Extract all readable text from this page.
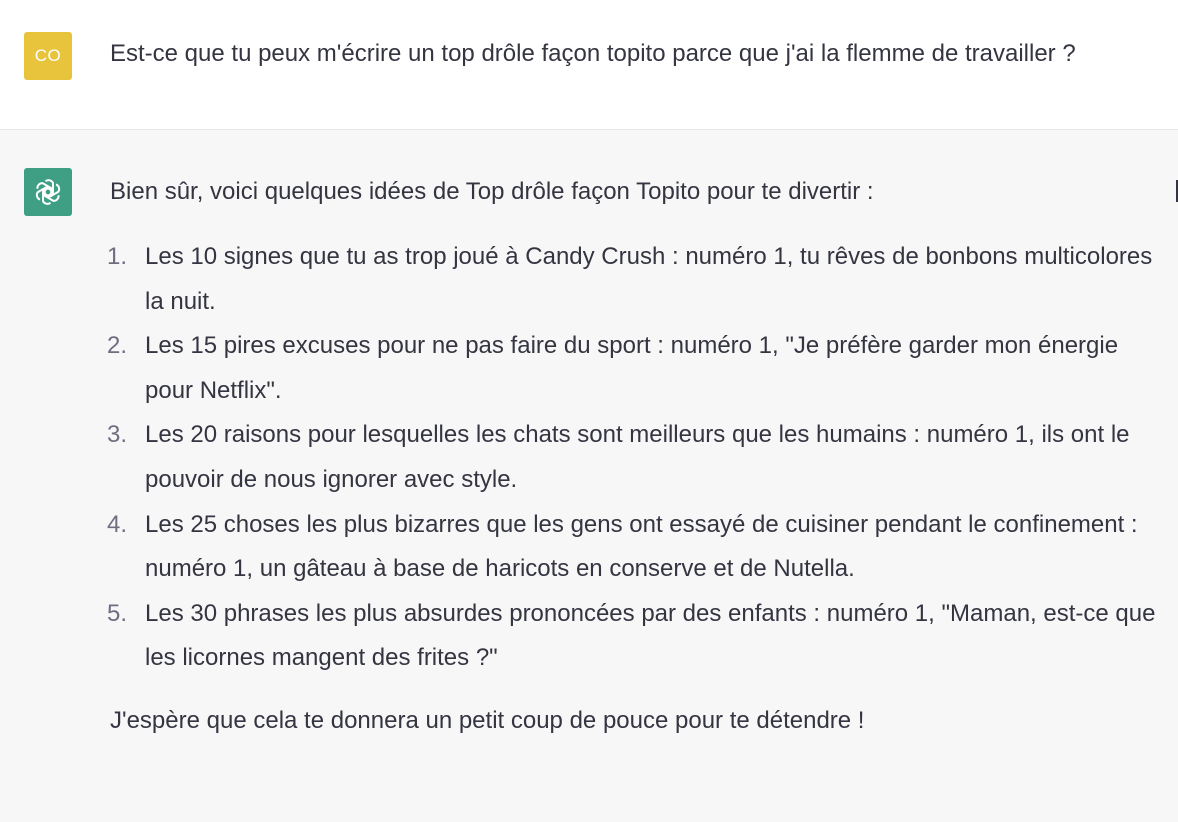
CO Est-ce que tu peux m'écrire un top drôle façon topito parce que j'ai la flemme de travailler ?

Bien sûr, voici quelques idées de Top drôle façon Topito pour te divertir :

1. Les 10 signes que tu as trop joué à Candy Crush : numéro 1, tu rêves de bonbons multicolores la nuit.
2. Les 15 pires excuses pour ne pas faire du sport : numéro 1, "Je préfère garder mon énergie pour Netflix".
3. Les 20 raisons pour lesquelles les chats sont meilleurs que les humains : numéro 1, ils ont le pouvoir de nous ignorer avec style.
4. Les 25 choses les plus bizarres que les gens ont essayé de cuisiner pendant le confinement : numéro 1, un gâteau à base de haricots en conserve et de Nutella.
5. Les 30 phrases les plus absurdes prononcées par des enfants : numéro 1, "Maman, est-ce que les licornes mangent des frites ?"

J'espère que cela te donnera un petit coup de pouce pour te détendre !
